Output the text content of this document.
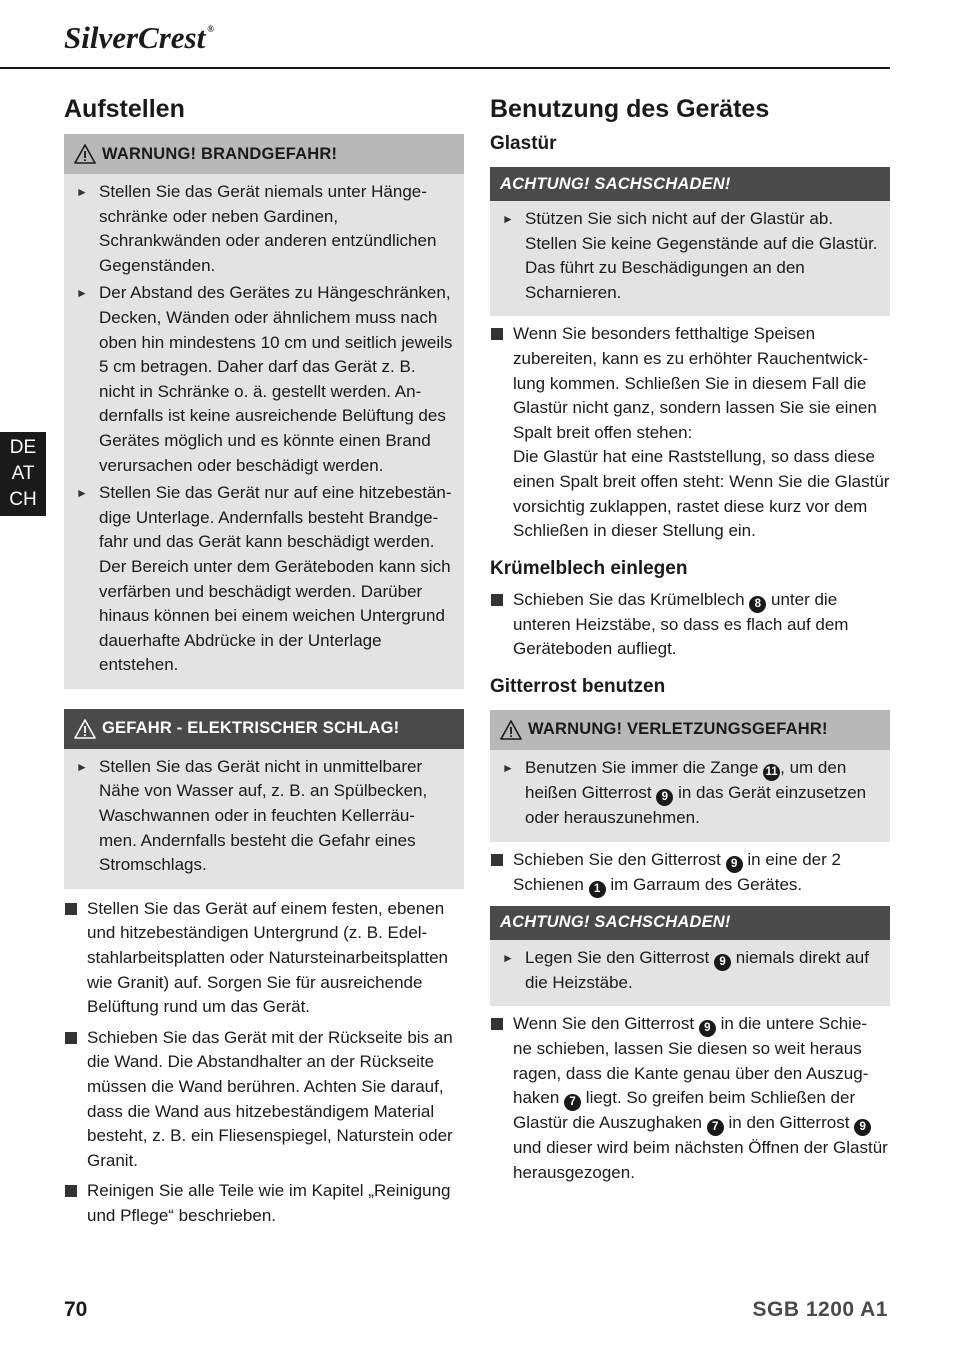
SilverCrest ®
DE
AT
CH
Aufstellen
WARNUNG! BRANDGEFAHR!
► Stellen Sie das Gerät niemals unter Hänge- schränke oder neben Gardinen, Schrankwänden oder anderen entzündlichen Gegenständen.
► Der Abstand des Gerätes zu Hängeschränken, Decken, Wänden oder ähnlichem muss nach oben hin mindestens 10 cm und seitlich jeweils 5 cm betragen. Daher darf das Gerät z. B. nicht in Schränke o. ä. gestellt werden. An- dernfalls ist keine ausreichende Belüftung des Gerätes möglich und es könnte einen Brand verursachen oder beschädigt werden.
► Stellen Sie das Gerät nur auf eine hitzebestän- dige Unterlage. Andernfalls besteht Brandge- fahr und das Gerät kann beschädigt werden. Der Bereich unter dem Geräteboden kann sich verfärben und beschädigt werden. Darüber hinaus können bei einem weichen Untergrund dauerhafte Abdrücke in der Unterlage entstehen.
GEFAHR - ELEKTRISCHER SCHLAG!
► Stellen Sie das Gerät nicht in unmittelbarer Nähe von Wasser auf, z. B. an Spülbecken, Waschwannen oder in feuchten Kellerräu- men. Andernfalls besteht die Gefahr eines Stromschlags.
Stellen Sie das Gerät auf einem festen, ebenen und hitzebeständigen Untergrund (z. B. Edel- stahlarbeitsplatten oder Natursteinarbeitsplatten wie Granit) auf. Sorgen Sie für ausreichende Belüftung rund um das Gerät.
Schieben Sie das Gerät mit der Rückseite bis an die Wand. Die Abstandhalter an der Rückseite müssen die Wand berühren. Achten Sie darauf, dass die Wand aus hitzebeständigem Material besteht, z. B. ein Fliesenspiegel, Naturstein oder Granit.
Reinigen Sie alle Teile wie im Kapitel „Reinigung und Pflege“ beschrieben.
Benutzung des Gerätes
Glastür
ACHTUNG! SACHSCHADEN!
► Stützen Sie sich nicht auf der Glastür ab. Stellen Sie keine Gegenstände auf die Glastür. Das führt zu Beschädigungen an den Scharnieren.
Wenn Sie besonders fetthaltige Speisen zubereiten, kann es zu erhöhter Rauchentwick- lung kommen. Schließen Sie in diesem Fall die Glastür nicht ganz, sondern lassen Sie sie einen Spalt breit offen stehen:
Die Glastür hat eine Raststellung, so dass diese einen Spalt breit offen steht: Wenn Sie die Glastür vorsichtig zuklappen, rastet diese kurz vor dem Schließen in dieser Stellung ein.
Krümelblech einlegen
Schieben Sie das Krümelblech 8 unter die unteren Heizstäbe, so dass es flach auf dem Geräteboden aufliegt.
Gitterrost benutzen
WARNUNG! VERLETZUNGSGEFAHR!
► Benutzen Sie immer die Zange 11 , um den heißen Gitterrost 9 in das Gerät einzusetzen oder herauszunehmen.
Schieben Sie den Gitterrost 9 in eine der 2 Schienen 1 im Garraum des Gerätes.
ACHTUNG! SACHSCHADEN!
► Legen Sie den Gitterrost 9 niemals direkt auf die Heizstäbe.
Wenn Sie den Gitterrost 9 in die untere Schie- ne schieben, lassen Sie diesen so weit heraus ragen, dass die Kante genau über den Auszug- haken 7 liegt. So greifen beim Schließen der Glastür die Auszughaken 7 in den Gitterrost 9 und dieser wird beim nächsten Öffnen der Glastür herausgezogen.
70	SGB 1200 A1
